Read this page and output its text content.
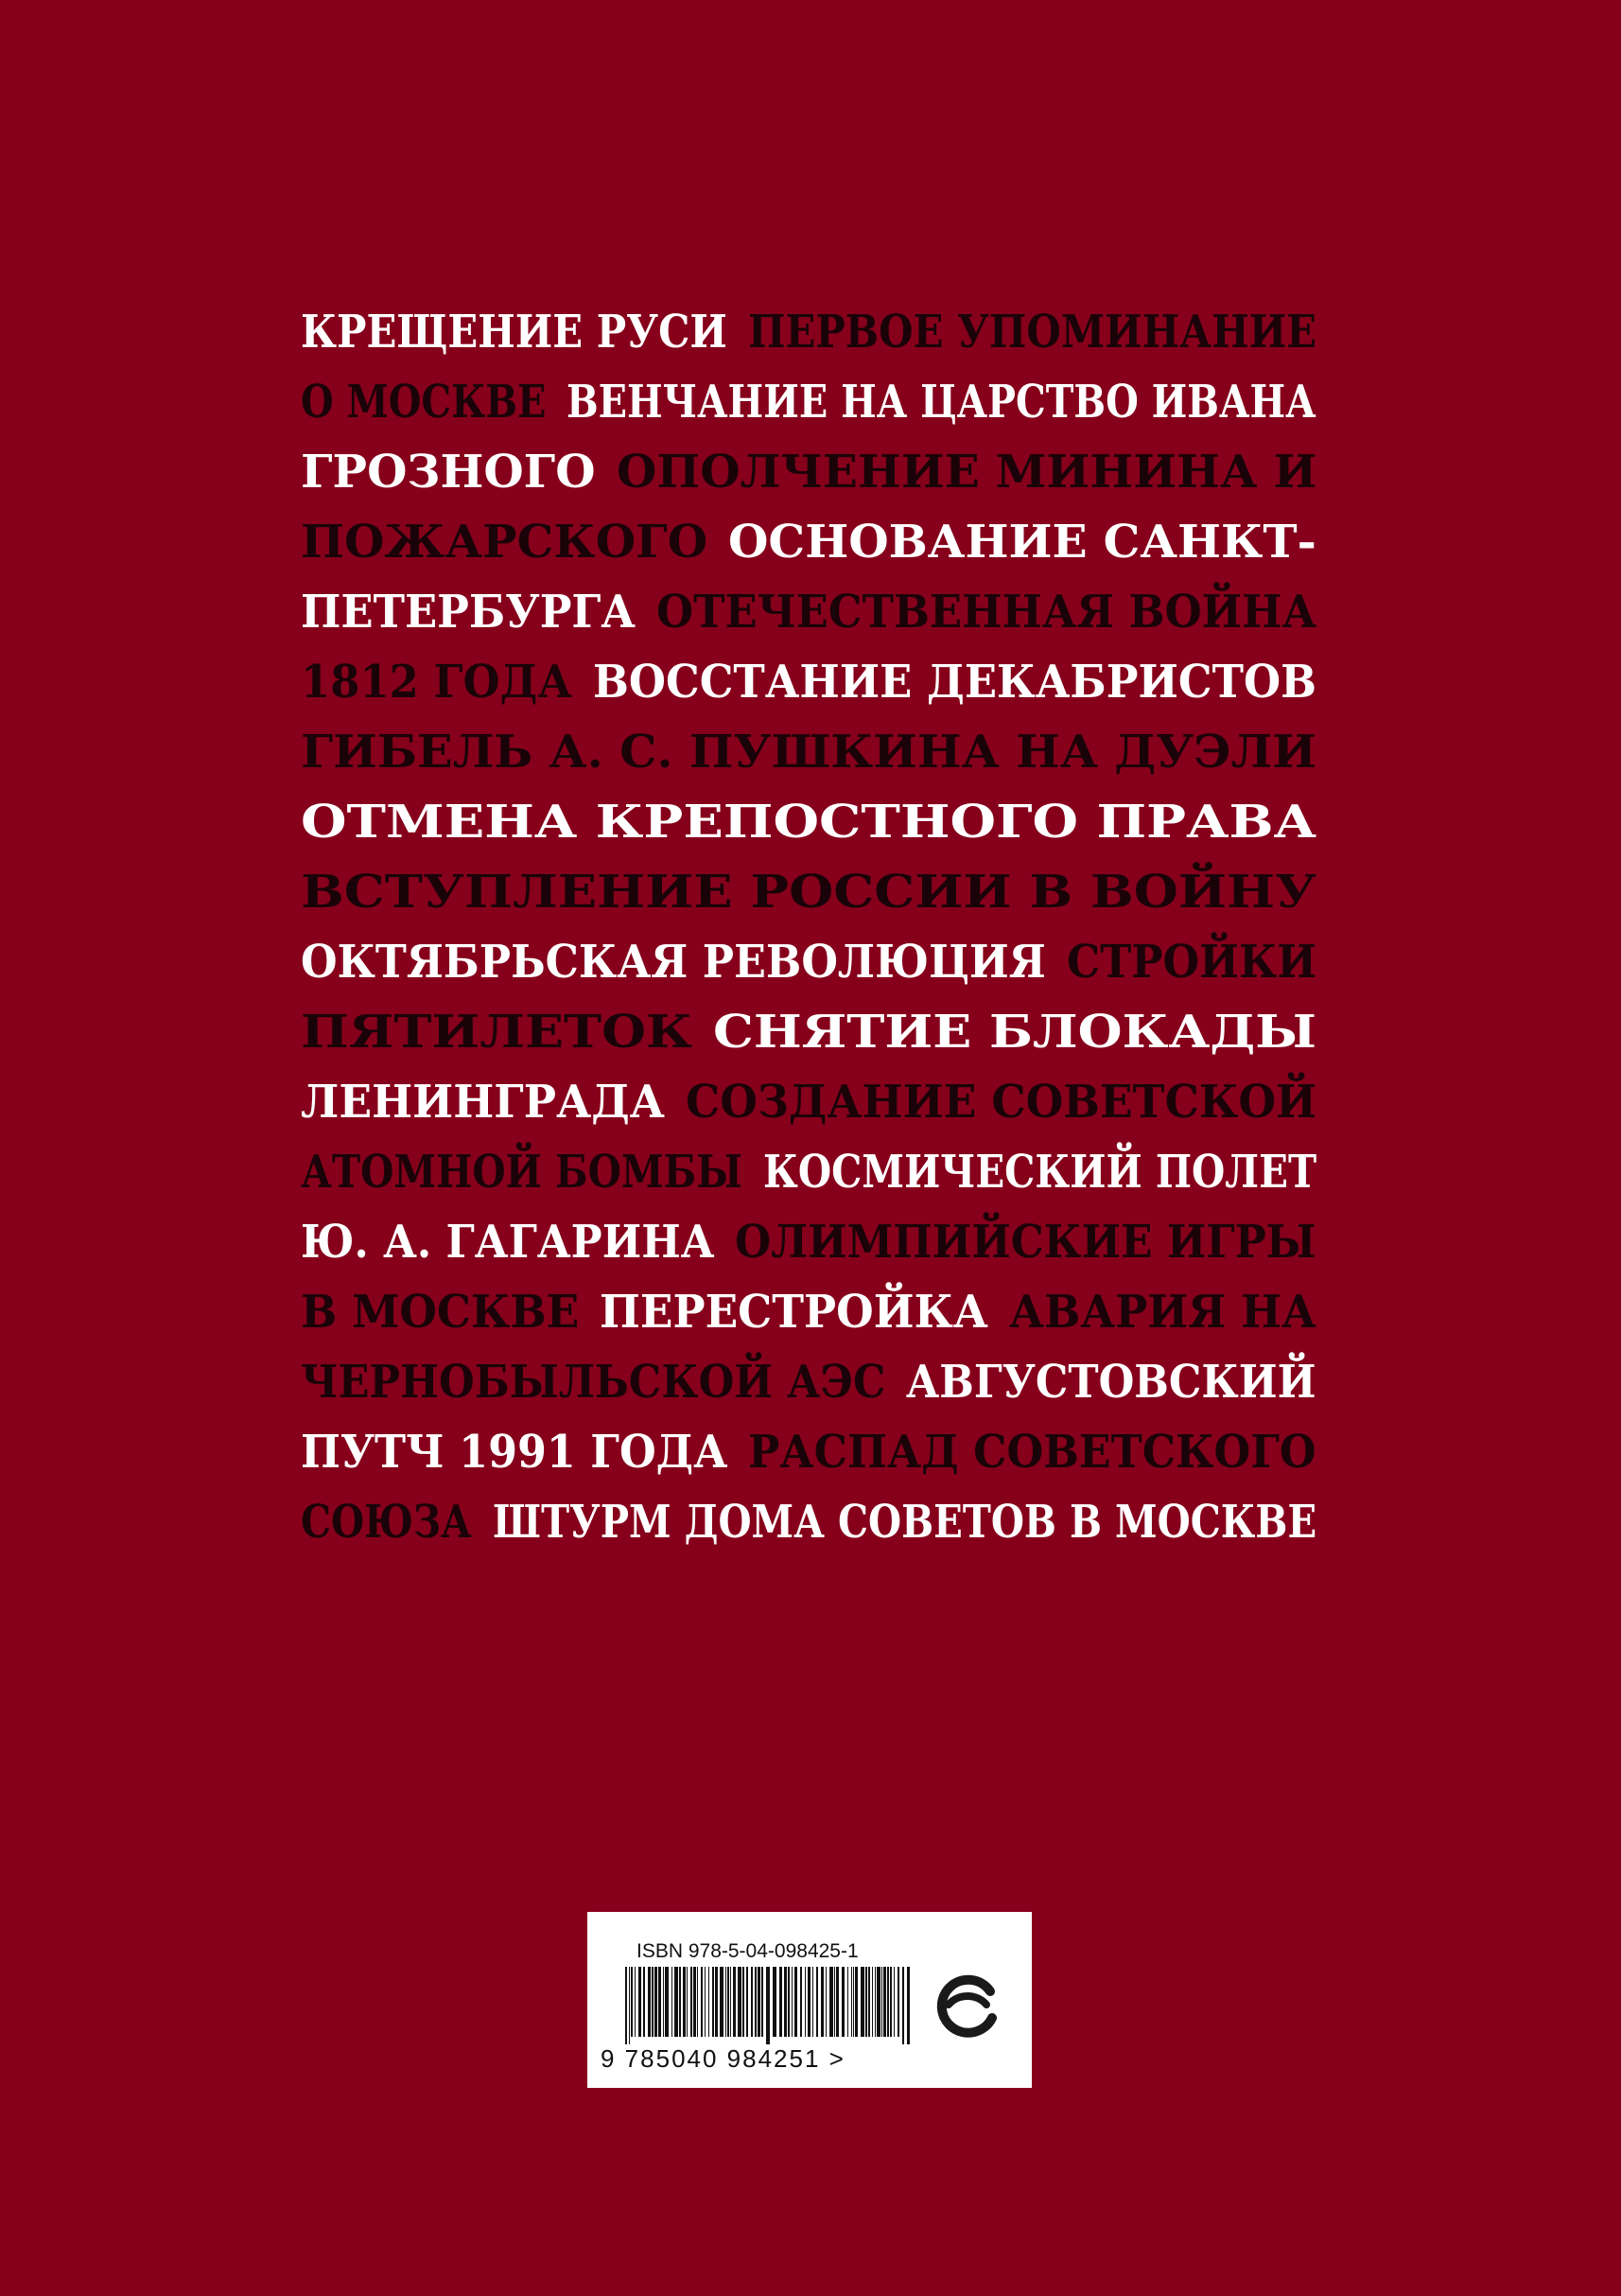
КРЕЩЕНИЕ РУСИ ПЕРВОЕ УПОМИНАНИЕ
О МОСКВЕ ВЕНЧАНИЕ НА ЦАРСТВО ИВАНА
ГРОЗНОГО ОПОЛЧЕНИЕ МИНИНА И
ПОЖАРСКОГО ОСНОВАНИЕ САНКТ-
ПЕТЕРБУРГА ОТЕЧЕСТВЕННАЯ ВОЙНА
1812 ГОДА ВОССТАНИЕ ДЕКАБРИСТОВ
ГИБЕЛЬ А. С. ПУШКИНА НА ДУЭЛИ
ОТМЕНА КРЕПОСТНОГО ПРАВА
ВСТУПЛЕНИЕ РОССИИ В ВОЙНУ
ОКТЯБРЬСКАЯ РЕВОЛЮЦИЯ СТРОЙКИ
ПЯТИЛЕТОК СНЯТИЕ БЛОКАДЫ
ЛЕНИНГРАДА СОЗДАНИЕ СОВЕТСКОЙ
АТОМНОЙ БОМБЫ КОСМИЧЕСКИЙ ПОЛЕТ
Ю. А. ГАГАРИНА ОЛИМПИЙСКИЕ ИГРЫ
В МОСКВЕ ПЕРЕСТРОЙКА АВАРИЯ НА
ЧЕРНОБЫЛЬСКОЙ АЭС АВГУСТОВСКИЙ
ПУТЧ 1991 ГОДА РАСПАД СОВЕТСКОГО
СОЮЗА ШТУРМ ДОМА СОВЕТОВ В МОСКВЕ
ISBN 978-5-04-098425-1
9 785040 984251 >
